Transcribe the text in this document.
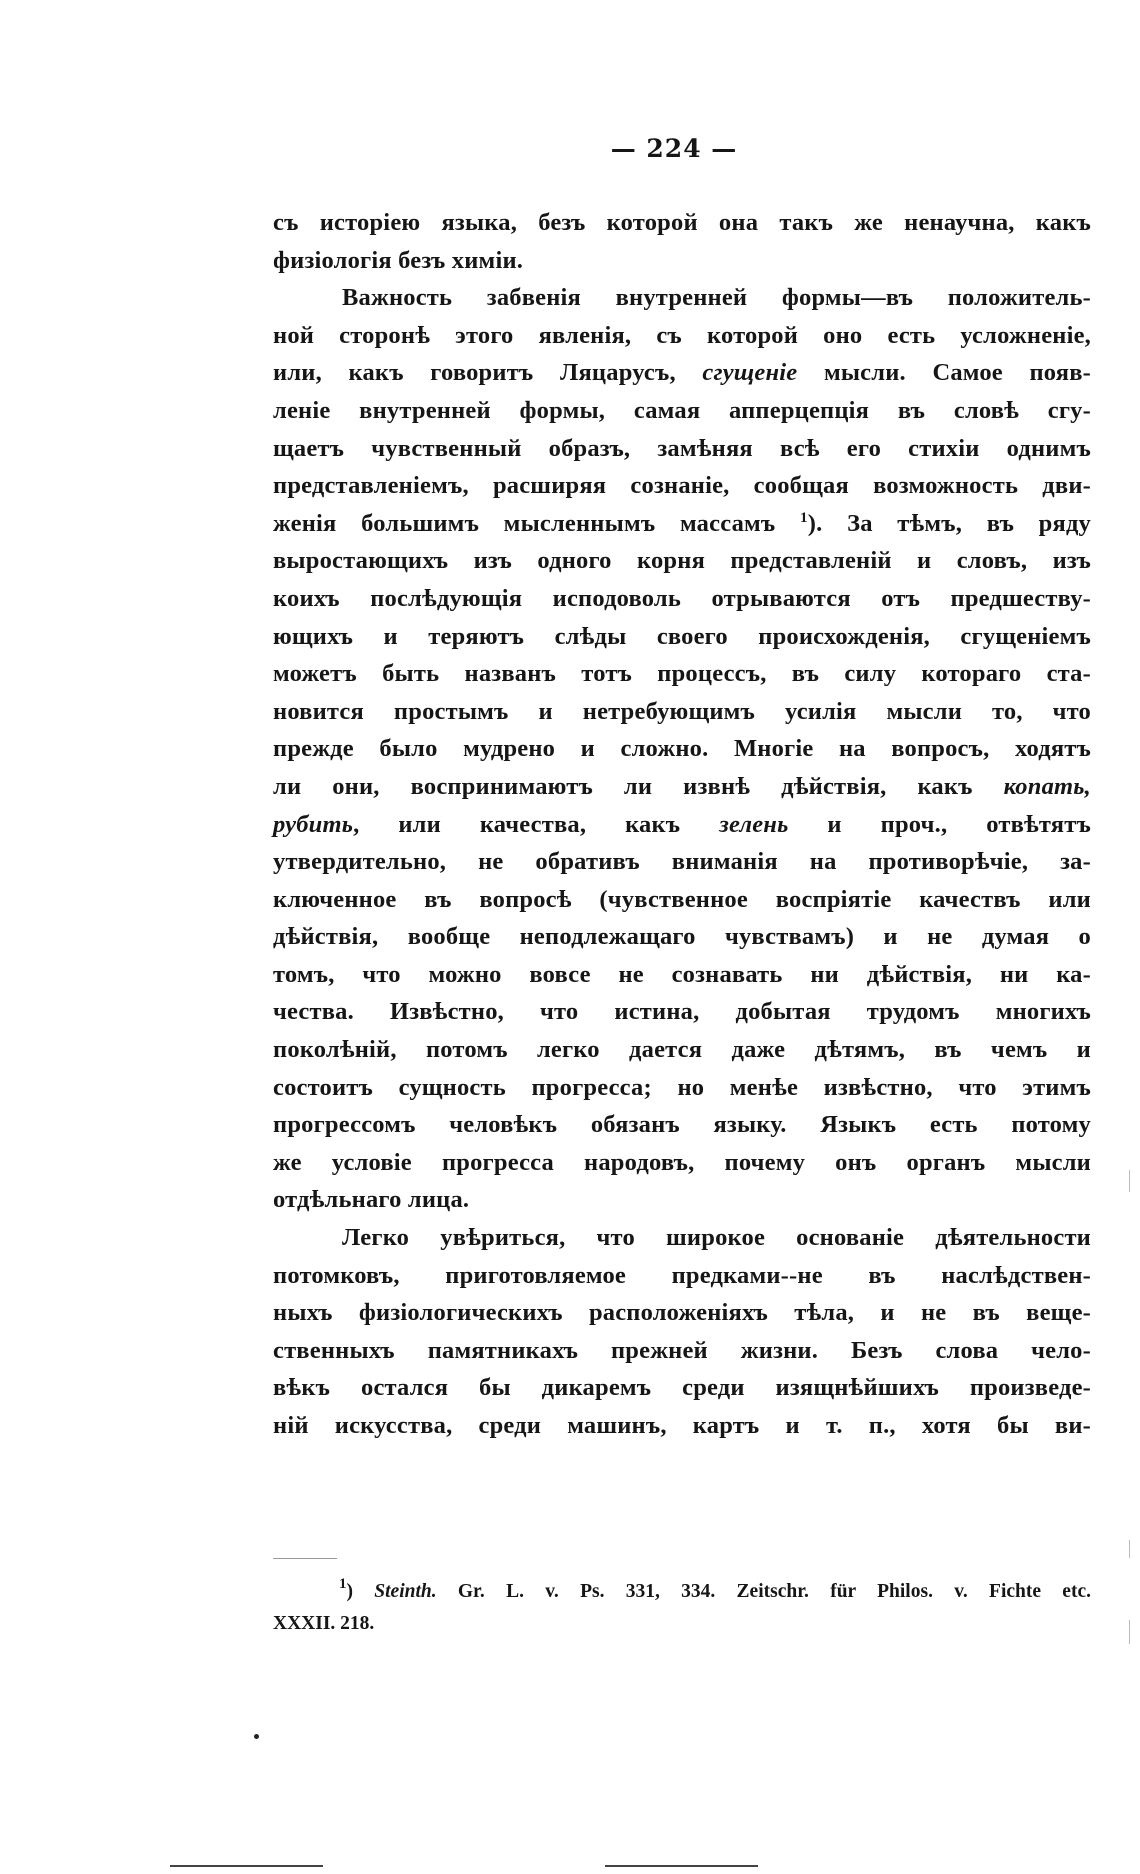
— 224 —
съ исторіею языка, безъ которой она такъ же ненаучна, какъ
физіологія безъ химіи.
Важность забвенія внутренней формы—въ положитель-
ной сторонѣ этого явленія, съ которой оно есть усложненіе,
или, какъ говоритъ Ляцарусъ, сгущеніе мысли. Самое появ-
леніе внутренней формы, самая апперцепція въ словѣ сгу-
щаетъ чувственный образъ, замѣняя всѣ его стихіи однимъ
представленіемъ, расширяя сознаніе, сообщая возможность дви-
женія большимъ мысленнымъ массамъ $^1$). За тѣмъ, въ ряду
выростающихъ изъ одного корня представленій и словъ, изъ
коихъ послѣдующія исподоволь отрываются отъ предшеству-
ющихъ и теряютъ слѣды своего происхожденія, сгущеніемъ
можетъ быть названъ тотъ процессъ, въ силу котораго ста-
новится простымъ и нетребующимъ усилія мысли то, что
прежде было мудрено и сложно. Многіе на вопросъ, ходятъ
ли они, воспринимаютъ ли извнѣ дѣйствія, какъ копать,
рубить, или качества, какъ зелень и проч., отвѣтятъ
утвердительно, не обративъ вниманія на противорѣчіе, за-
ключенное въ вопросѣ (чувственное воспріятіе качествъ или
дѣйствія, вообще неподлежащаго чувствамъ) и не думая о
томъ, что можно вовсе не сознавать ни дѣйствія, ни ка-
чества. Извѣстно, что истина, добытая трудомъ многихъ
поколѣній, потомъ легко дается даже дѣтямъ, въ чемъ и
состоитъ сущность прогресса; но менѣе извѣстно, что этимъ
прогрессомъ человѣкъ обязанъ языку. Языкъ есть потому
же условіе прогресса народовъ, почему онъ органъ мысли
отдѣльнаго лица.
Легко увѣриться, что широкое основаніе дѣятельности
потомковъ, приготовляемое предками--не въ наслѣдствен-
ныхъ физіологическихъ расположеніяхъ тѣла, и не въ веще-
ственныхъ памятникахъ прежней жизни. Безъ слова чело-
вѣкъ остался бы дикаремъ среди изящнѣйшихъ произведе-
ній искусства, среди машинъ, картъ и т. п., хотя бы ви-
$^1$) Steinth. Gr. L. v. Ps. 331, 334. Zeitschr. für Philos. v. Fichte etc.
XXXII. 218.
